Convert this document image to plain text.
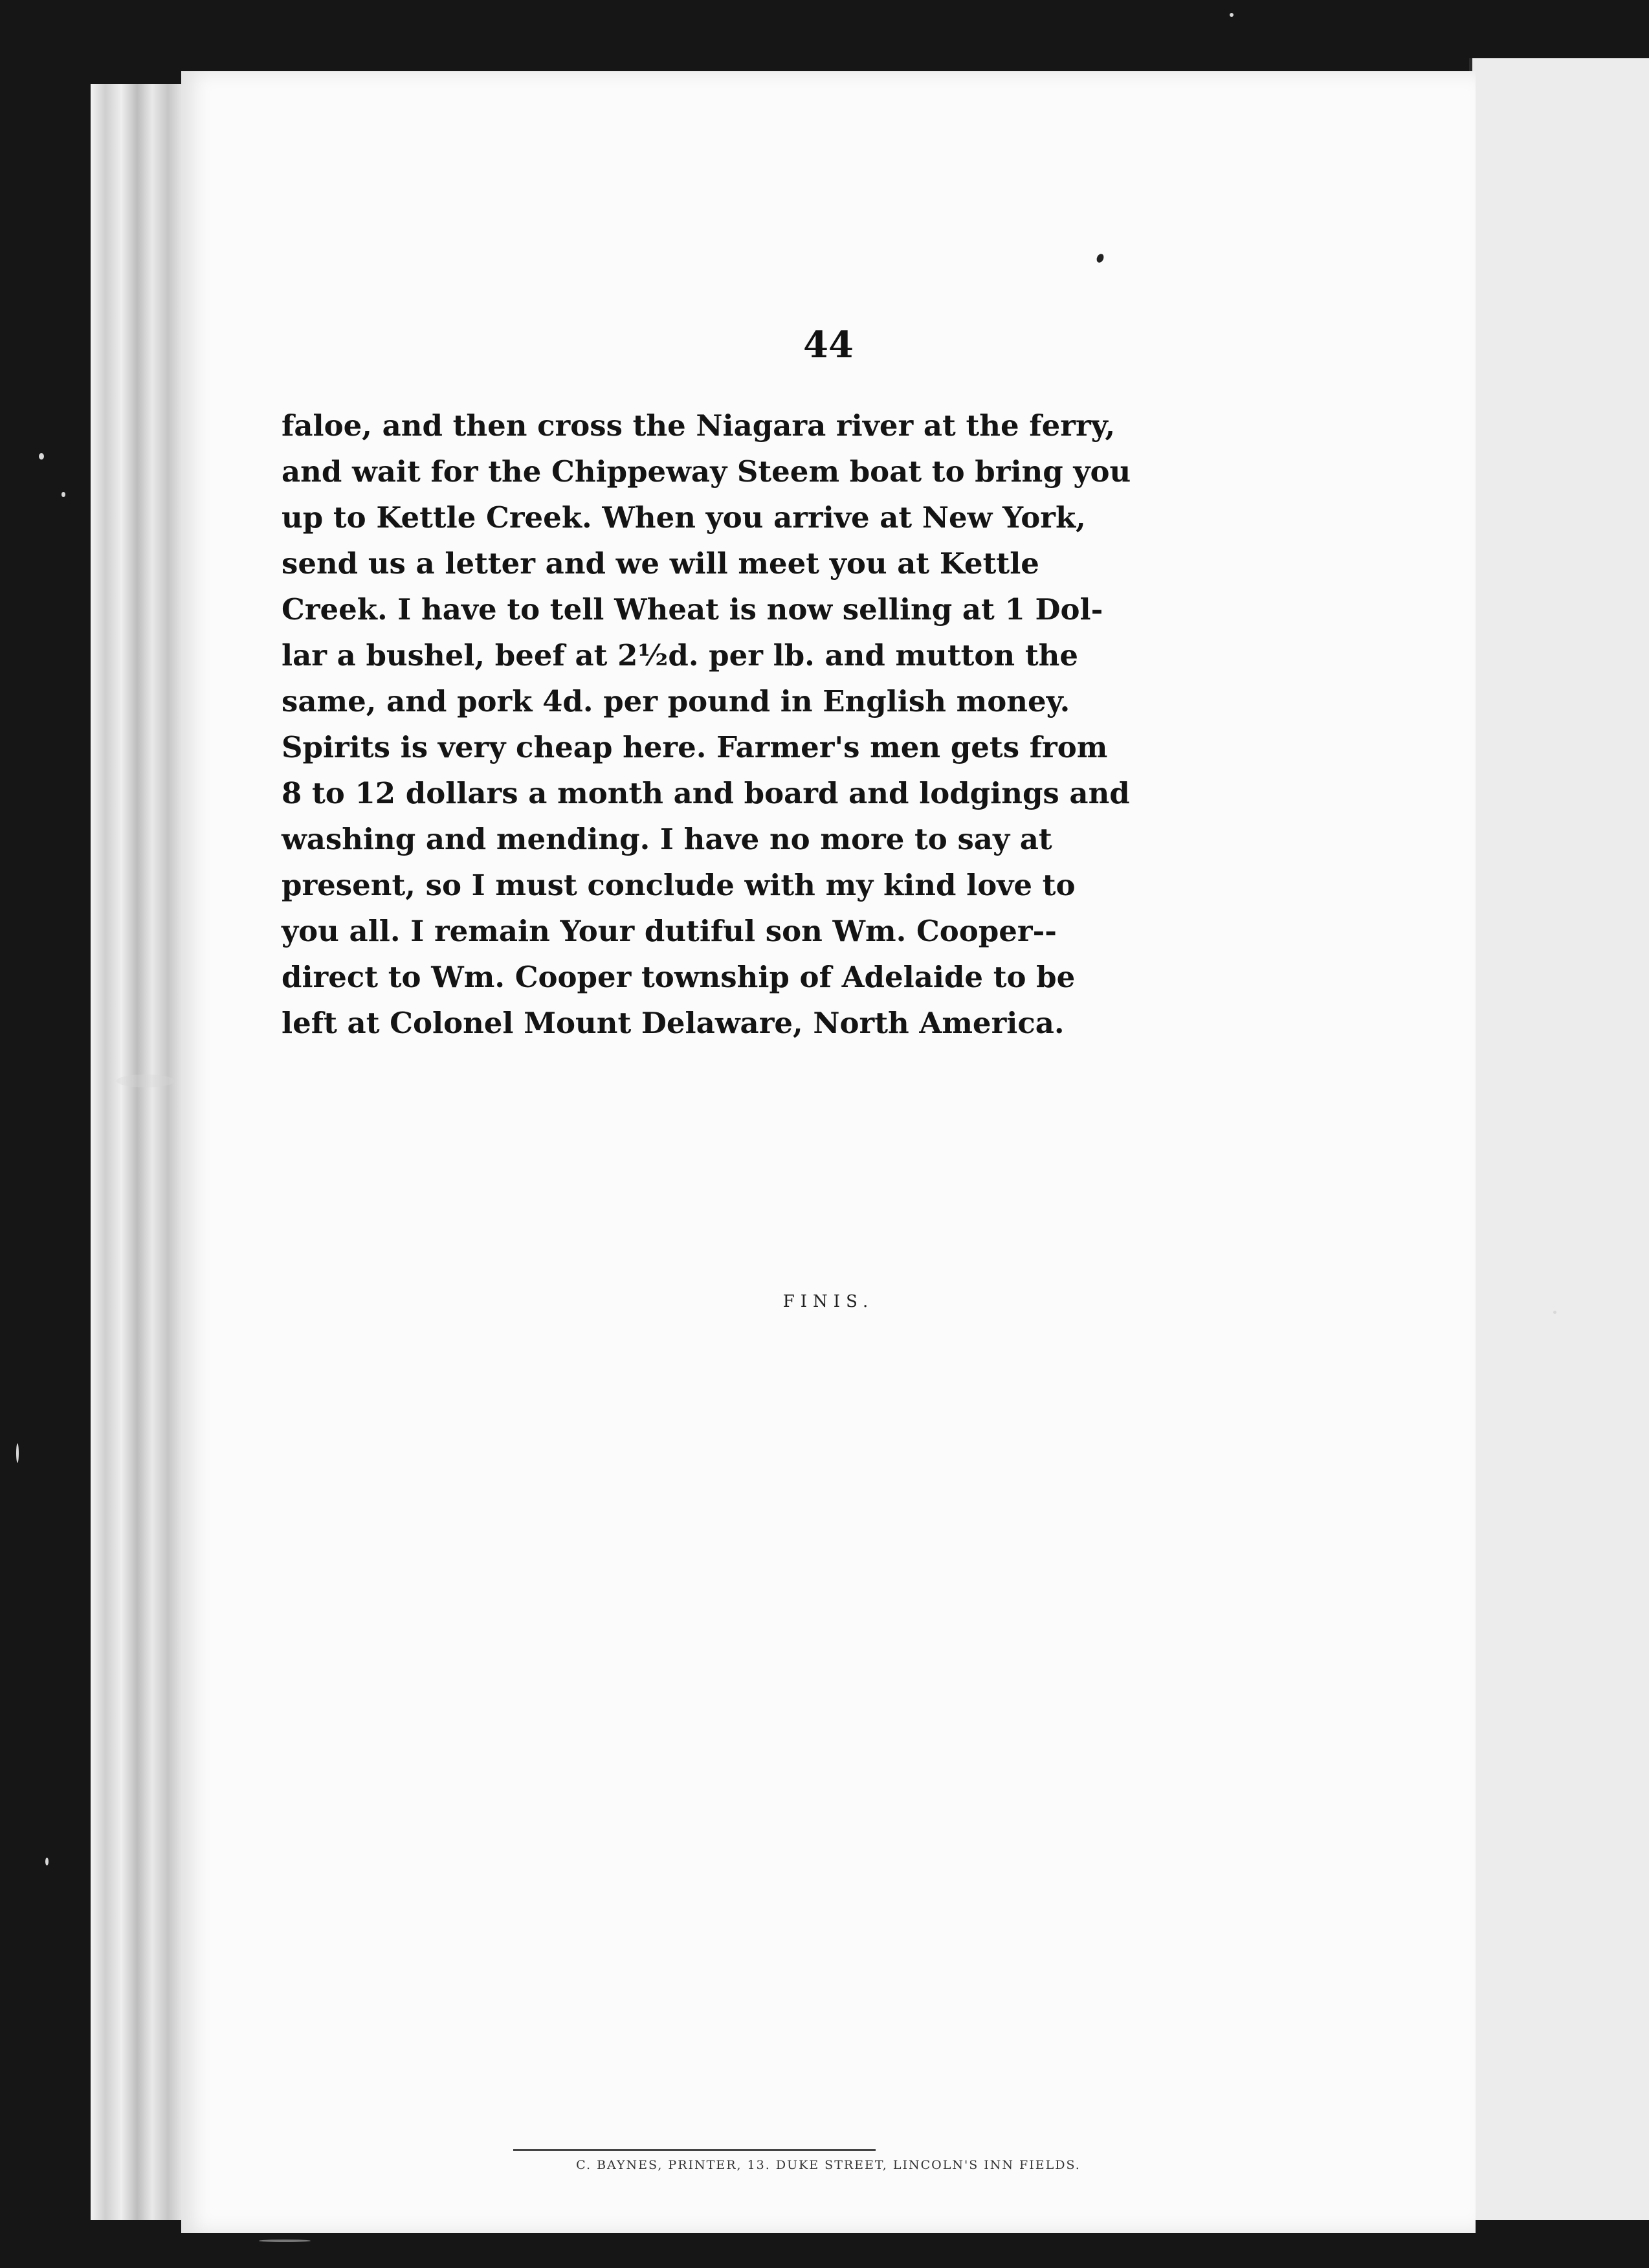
44
faloe, and then cross the Niagara river at the ferry,
and wait for the Chippeway Steem boat to bring you
up to Kettle Creek. When you arrive at New York,
send us a letter and we will meet you at Kettle
Creek. I have to tell Wheat is now selling at 1 Dol-
lar a bushel, beef at 2½d. per lb. and mutton the
same, and pork 4d. per pound in English money.
Spirits is very cheap here. Farmer's men gets from
8 to 12 dollars a month and board and lodgings and
washing and mending. I have no more to say at
present, so I must conclude with my kind love to
you all. I remain Your dutiful son Wm. Cooper--
direct to Wm. Cooper township of Adelaide to be
left at Colonel Mount Delaware, North America.
FINIS.
C. BAYNES, PRINTER, 13. DUKE STREET, LINCOLN'S INN FIELDS.
